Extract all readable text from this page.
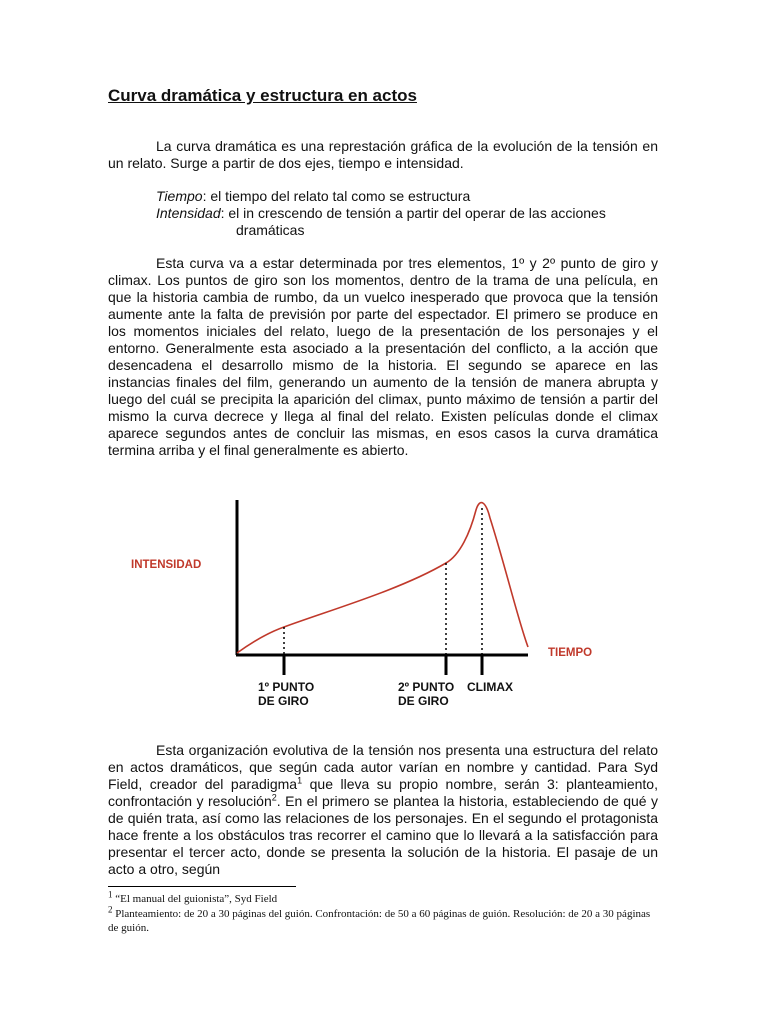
Curva dramática y estructura en actos

La curva dramática es una represtación gráfica de la evolución de la tensión en un relato. Surge a partir de dos ejes, tiempo e intensidad.

Tiempo : el tiempo del relato tal como se estructura
Intensidad : el in crescendo de tensión a partir del operar de las acciones
dramáticas

Esta curva va a estar determinada por tres elementos, 1º y 2º punto de giro y climax. Los puntos de giro son los momentos, dentro de la trama de una película, en que la historia cambia de rumbo, da un vuelco inesperado que provoca que la tensión aumente ante la falta de previsión por parte del espectador. El primero se produce en los momentos iniciales del relato, luego de la presentación de los personajes y el entorno. Generalmente esta asociado a la presentación del conflicto, a la acción que desencadena el desarrollo mismo de la historia. El segundo se aparece en las instancias finales del film, generando un aumento de la tensión de manera abrupta y luego del cuál se precipita la aparición del climax, punto máximo de tensión a partir del mismo la curva decrece y llega al final del relato. Existen películas donde el climax aparece segundos antes de concluir las mismas, en esos casos la curva dramática termina arriba y el final generalmente es abierto.

INTENSIDAD
TIEMPO
1º PUNTO
DE GIRO
2º PUNTO
DE GIRO
CLIMAX

Esta organización evolutiva de la tensión nos presenta una estructura del relato en actos dramáticos, que según cada autor varían en nombre y cantidad. Para Syd Field, creador del paradigma$^1$ que lleva su propio nombre, serán 3: planteamiento, confrontación y resolución$^2$. En el primero se plantea la historia, estableciendo de qué y de quién trata, así como las relaciones de los personajes. En el segundo el protagonista hace frente a los obstáculos tras recorrer el camino que lo llevará a la satisfacción para presentar el tercer acto, donde se presenta la solución de la historia. El pasaje de un acto a otro, según

$^1$ “El manual del guionista”, Syd Field

$^2$ Planteamiento: de 20 a 30 páginas del guión. Confrontación: de 50 a 60 páginas de guión. Resolución: de 20 a 30 páginas de guión.
